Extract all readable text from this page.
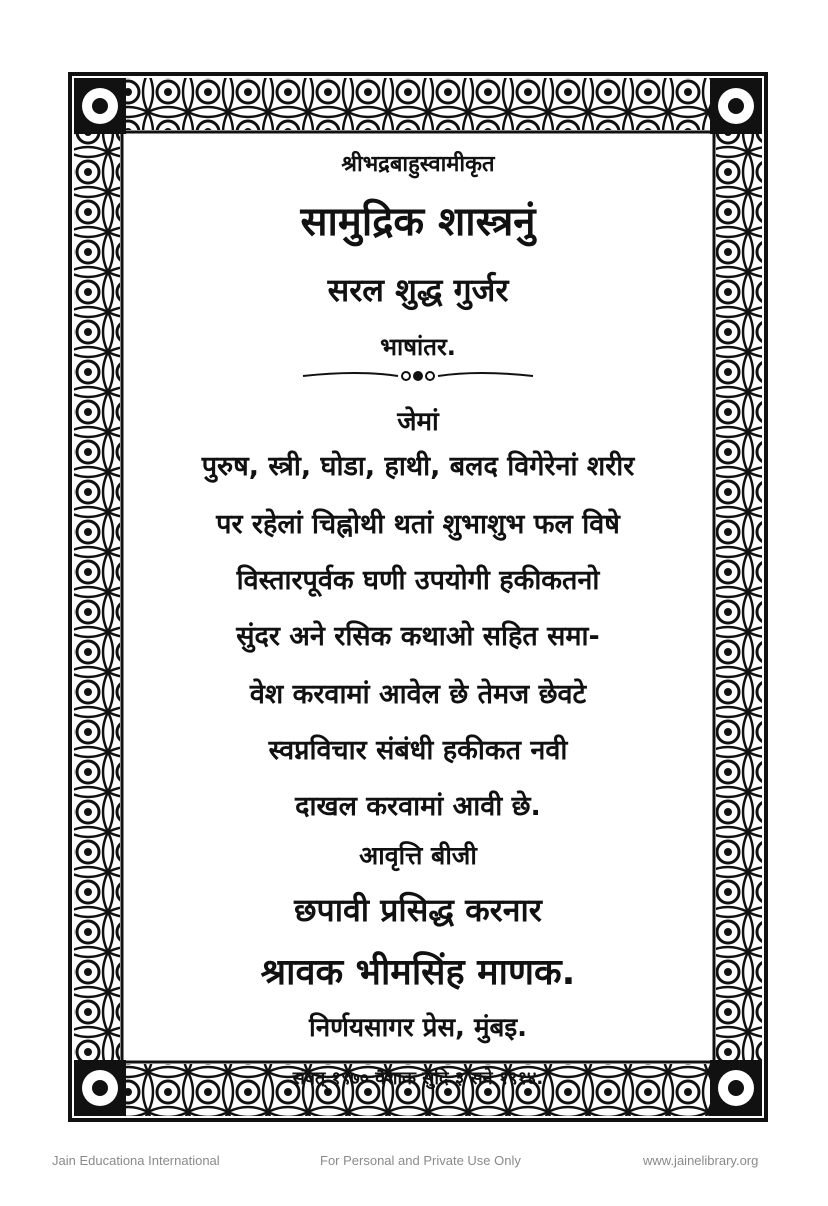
श्रीभद्रबाहुस्वामीकृत
सामुद्रिक शास्त्रनुं
सरल शुद्ध गुर्जर
भाषांतर.
जेमां
पुरुष, स्त्री, घोडा, हाथी, बलद विगेरेनां शरीर
पर रहेलां चिह्नोथी थतां शुभाशुभ फल विषे
विस्तारपूर्वक घणी उपयोगी हकीकतनो
सुंदर अने रसिक कथाओ सहित समा-
वेश करवामां आवेल छे तेमज छेवटे
स्वप्नविचार संबंधी हकीकत नवी
दाखल करवामां आवी छे.
आवृत्ति बीजी
छपावी प्रसिद्ध करनार
श्रावक भीमसिंह माणक.
निर्णयसागर प्रेस, मुंबइ.
संवत् १९७० वैशाक सुदि ३ सने १९१४.
Jain Educationa International	For Personal and Private Use Only	www.jainelibrary.org
